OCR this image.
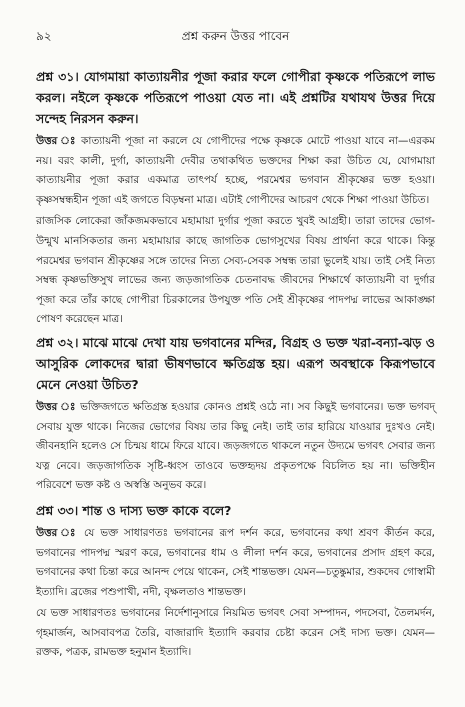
৯২	প্রশ্ন করুন উত্তর পাবেন

প্রশ্ন ৩১। যোগমায়া কাত্যায়নীর পূজা করার ফলে গোপীরা কৃষ্ণকে পতিরূপে লাভ করল। নইলে কৃষ্ণকে পতিরূপে পাওয়া যেত না। এই প্রশ্নটির যথাযথ উত্তর দিয়ে সন্দেহ নিরসন করুন।

উত্তর ঃ কাত্যায়নী পূজা না করলে যে গোপীদের পক্ষে কৃষ্ণকে মোটে পাওয়া যাবে না—এরকম নয়। বরং কালী, দুর্গা, কাত্যায়নী দেবীর তথাকথিত ভক্তদের শিক্ষা করা উচিত যে, যোগমায়া কাত্যায়নীর পূজা করার একমাত্র তাৎপর্য হচ্ছে, পরমেশ্বর ভগবান শ্রীকৃষ্ণের ভক্ত হওয়া। কৃষ্ণসম্বন্ধহীন পূজা এই জগতে বিড়ম্বনা মাত্র। এটাই গোপীদের আচরণ থেকে শিক্ষা পাওয়া উচিত।

রাজসিক লোকেরা জাঁকজমকভাবে মহামায়া দুর্গার পূজা করতে খুবই আগ্রহী। তারা তাদের ভোগ-উন্মুখ মানসিকতার জন্য মহামায়ার কাছে জাগতিক ভোগসুখের বিষয় প্রার্থনা করে থাকে। কিন্তু পরমেশ্বর ভগবান শ্রীকৃষ্ণের সঙ্গে তাদের নিত্য সেব্য-সেবক সম্বন্ধ তারা ভুলেই যায়। তাই সেই নিত্য সম্বন্ধ কৃষ্ণভক্তিসুখ লাভের জন্য জড়জাগতিক চেতনাবদ্ধ জীবদের শিক্ষার্থে কাত্যায়নী বা দুর্গার পূজা করে তাঁর কাছে গোপীরা চিরকালের উপযুক্ত পতি সেই শ্রীকৃষ্ণের পাদপদ্ম লাভের আকাঙ্ক্ষা পোষণ করেছেন মাত্র।

প্রশ্ন ৩২। মাঝে মাঝে দেখা যায় ভগবানের মন্দির, বিগ্রহ ও ভক্ত খরা-বন্যা-ঝড় ও আসুরিক লোকদের দ্বারা ভীষণভাবে ক্ষতিগ্রস্ত হয়। এরূপ অবস্থাকে কিরূপভাবে মেনে নেওয়া উচিত?

উত্তর ঃ ভক্তিজগতে ক্ষতিগ্রস্ত হওয়ার কোনও প্রশ্নই ওঠে না। সব কিছুই ভগবানের। ভক্ত ভগবদ্ সেবায় যুক্ত থাকে। নিজের ভোগের বিষয় তার কিছু নেই। তাই তার হারিয়ে যাওয়ার দুঃখও নেই। জীবনহানি হলেও সে চিন্ময় ধামে ফিরে যাবে। জড়জগতে থাকলে নতুন উদ্যমে ভগবৎ সেবার জন্য যত্ন নেবে। জড়জাগতিক সৃষ্টি-ধ্বংস তাওবে ভক্তহৃদয় প্রকৃতপক্ষে বিচলিত হয় না। ভক্তিহীন পরিবেশে ভক্ত কষ্ট ও অস্বস্তি অনুভব করে।

প্রশ্ন ৩৩। শান্ত ও দাস্য ভক্ত কাকে বলে?

উত্তর ঃ যে ভক্ত সাধারণতঃ ভগবানের রূপ দর্শন করে, ভগবানের কথা শ্রবণ কীর্তন করে, ভগবানের পাদপদ্ম স্মরণ করে, ভগবানের ধাম ও লীলা দর্শন করে, ভগবানের প্রসাদ গ্রহণ করে, ভগবানের কথা চিন্তা করে আনন্দ পেয়ে থাকেন, সেই শান্তভক্ত। যেমন—চতুষ্কুমার, শুকদেব গোস্বামী ইত্যাদি। ব্রজের পশুপাখী, নদী, বৃক্ষলতাও শান্তভক্ত।

যে ভক্ত সাধারণতঃ ভগবানের নির্দেশানুসারে নিয়মিত ভগবৎ সেবা সম্পাদন, পদসেবা, তৈলমর্দন, গৃহমার্জন, আসবাবপত্র তৈরি, বাজারাদি ইত্যাদি করবার চেষ্টা করেন সেই দাস্য ভক্ত। যেমন—রক্তক, পত্রক, রামভক্ত হনুমান ইত্যাদি।
